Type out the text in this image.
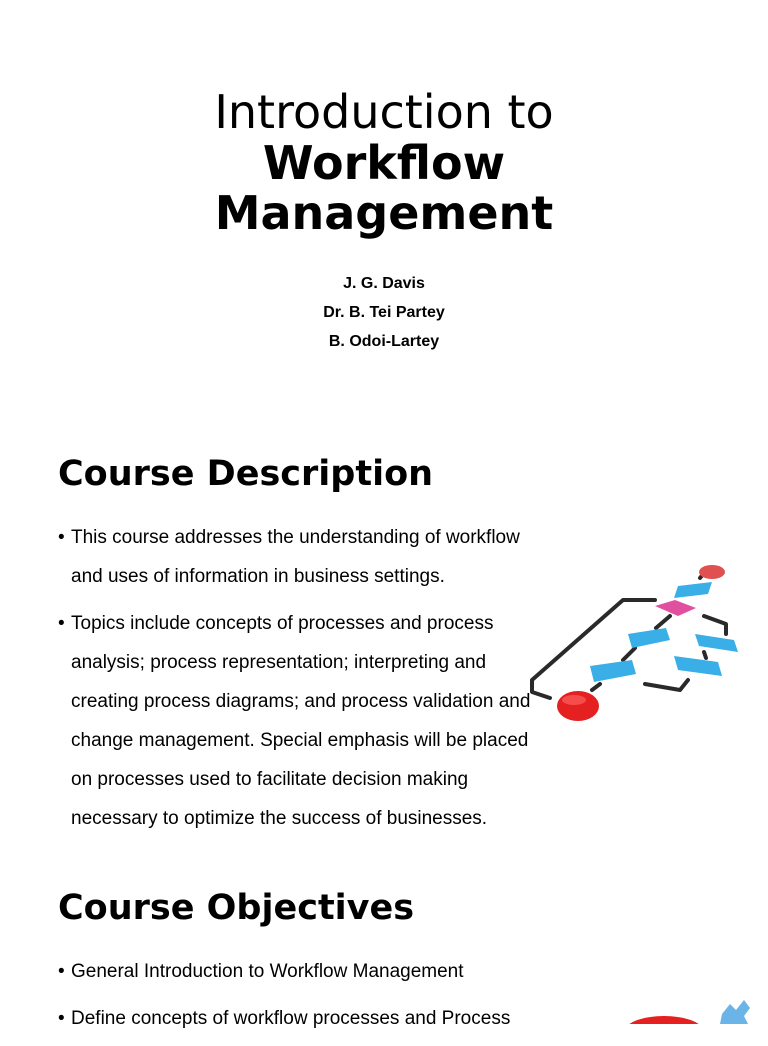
Introduction to
Workflow
Management
J. G. Davis
Dr. B. Tei Partey
B. Odoi-Lartey
Course Description
• This course addresses the understanding of workflow and uses of information in business settings.
• Topics include concepts of processes and process analysis; process representation; interpreting and creating process diagrams; and process validation and change management. Special emphasis will be placed on processes used to facilitate decision making necessary to optimize the success of businesses.
Course Objectives
• General Introduction to Workflow Management
• Define concepts of workflow processes and Process
